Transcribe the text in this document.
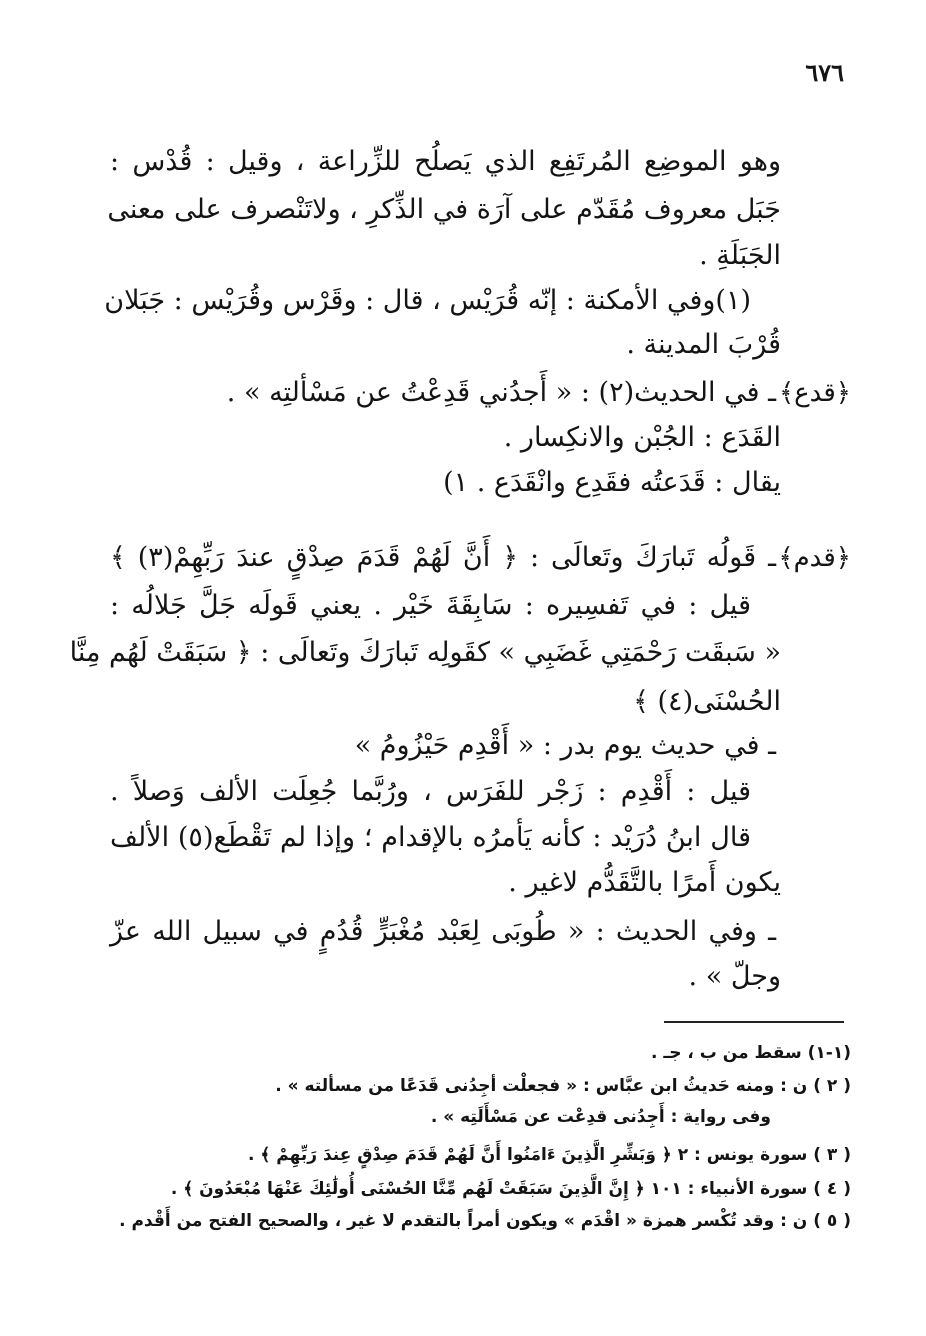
٦٧٦
وهو الموضِع المُرتَفِع الذي يَصلُح للزِّراعة ، وقيل : قُدْس :
جَبَل معروف مُقَدّم على آرَة في الذِّكرِ ، ولاتَنْصرف على معنى
الجَبَلَةِ .
(١)وفي الأمكنة : إنّه قُرَيْس ، قال : وقَرْس وقُرَيْس : جَبَلان
قُرْبَ المدينة .
﴿قدع﴾
ـ في الحديث(٢) : « أَجدُني قَدِعْتُ عن مَسْألتِه » .
القَدَع : الجُبْن والانكِسار .
يقال : قَدَعتُه فقَدِع وانْقَدَع . ١)
﴿قدم﴾
ـ قَولُه تَبارَكَ وتَعالَى : ﴿ أَنَّ لَهُمْ قَدَمَ صِدْقٍ عندَ رَبِّهِمْ(٣) ﴾
قيل : في تَفسِيره : سَابِقَةَ خَيْر . يعني قَولَه جَلَّ جَلالُه :
« سَبقَت رَحْمَتِي غَضَبِي » كقَولِه تَبارَكَ وتَعالَى : ﴿ سَبَقَتْ لَهُم مِنَّا
الحُسْنَى(٤) ﴾
ـ في حديث يوم بدر : « أَقْدِم حَيْزُومُ »
قيل : أَقْدِم : زَجْر للفَرَس ، ورُبَّما جُعِلَت الألف وَصلاً .
قال ابنُ دُرَيْد : كأنه يَأمرُه بالإقدام ؛ وإذا لم تَقْطَع(٥) الألف
يكون أَمرًا بالتَّقَدُّم لاغير .
ـ وفي الحديث : « طُوبَى لِعَبْد مُغْبَرٍّ قُدُمٍ في سبيل الله عزّ
وجلّ » .
(١-١) سقط من ب ، جـ .
( ٢ ) ن : ومنه حَديثُ ابن عبَّاس : « فجعلْت أجِدُنى قَدَعًا من مسألته » .
وفى رواية : أَجِدُنى قدِعْت عن مَسْأَلَتِه » .
( ٣ ) سورة يونس : ٢ ﴿ وَبَشِّرِ الَّذِينَ ءَامَنُوا أَنَّ لَهُمْ قَدَمَ صِدْقٍ عِندَ رَبِّهِمْ ﴾ .
( ٤ ) سورة الأنبياء : ١٠١ ﴿ إِنَّ الَّذِينَ سَبَقَتْ لَهُم مِّنَّا الحُسْنَى أُولَٰئِكَ عَنْهَا مُبْعَدُونَ ﴾ .
( ٥ ) ن : وقد تُكْسر همزة « اقْدَم » ويكون أمراً بالتقدم لا غير ، والصحيح الفتح من أَقْدم .
